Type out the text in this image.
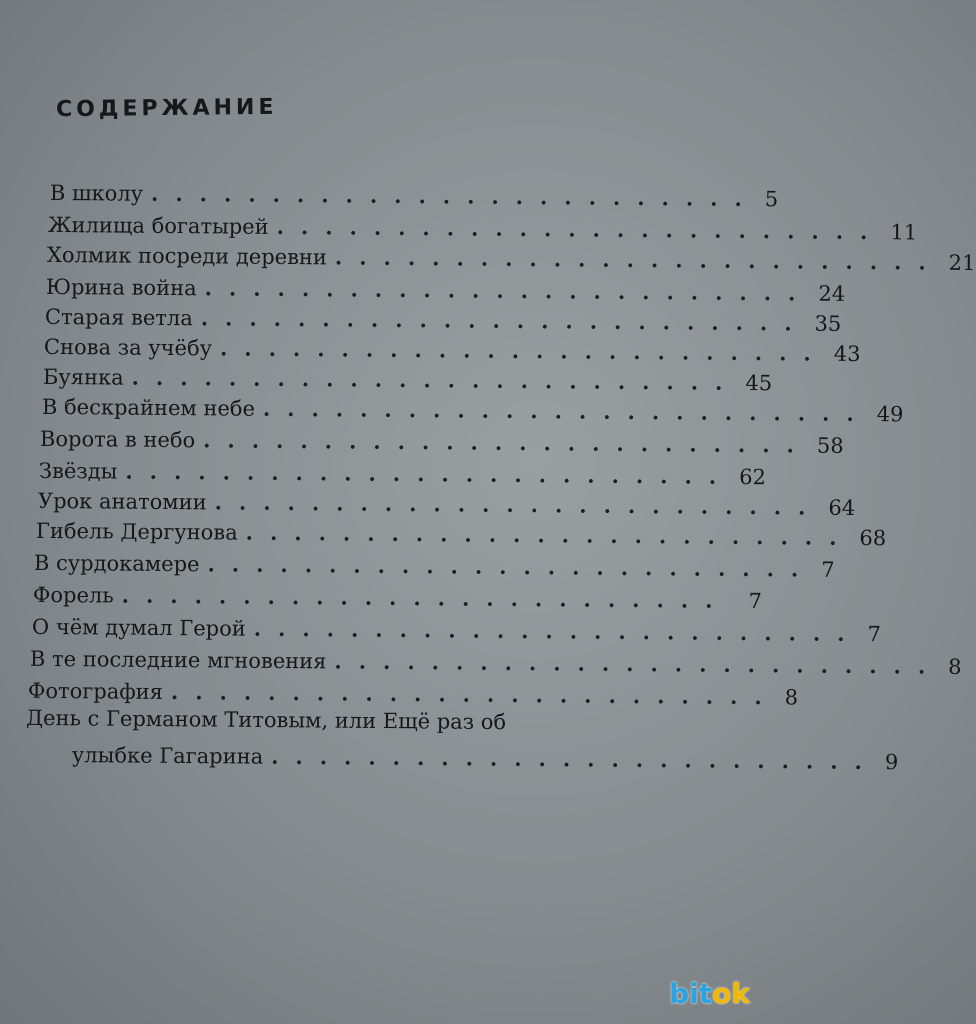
СОДЕРЖАНИЕ
В школу ......................... 5
Жилища богатырей ......................... 11
Холмик посреди деревни ......................... 21
Юрина война ......................... 24
Старая ветла ......................... 35
Снова за учёбу ......................... 43
Буянка ......................... 45
В бескрайнем небе ......................... 49
Ворота в небо ......................... 58
Звёзды ......................... 62
Урок анатомии ......................... 64
Гибель Дергунова ......................... 68
В сурдокамере ......................... 7
Форель ......................... 7
О чём думал Герой ......................... 7
В те последние мгновения ......................... 8
Фотография ......................... 8
День с Германом Титовым, или Ещё раз об
улыбке Гагарина ......................... 9
bitok
